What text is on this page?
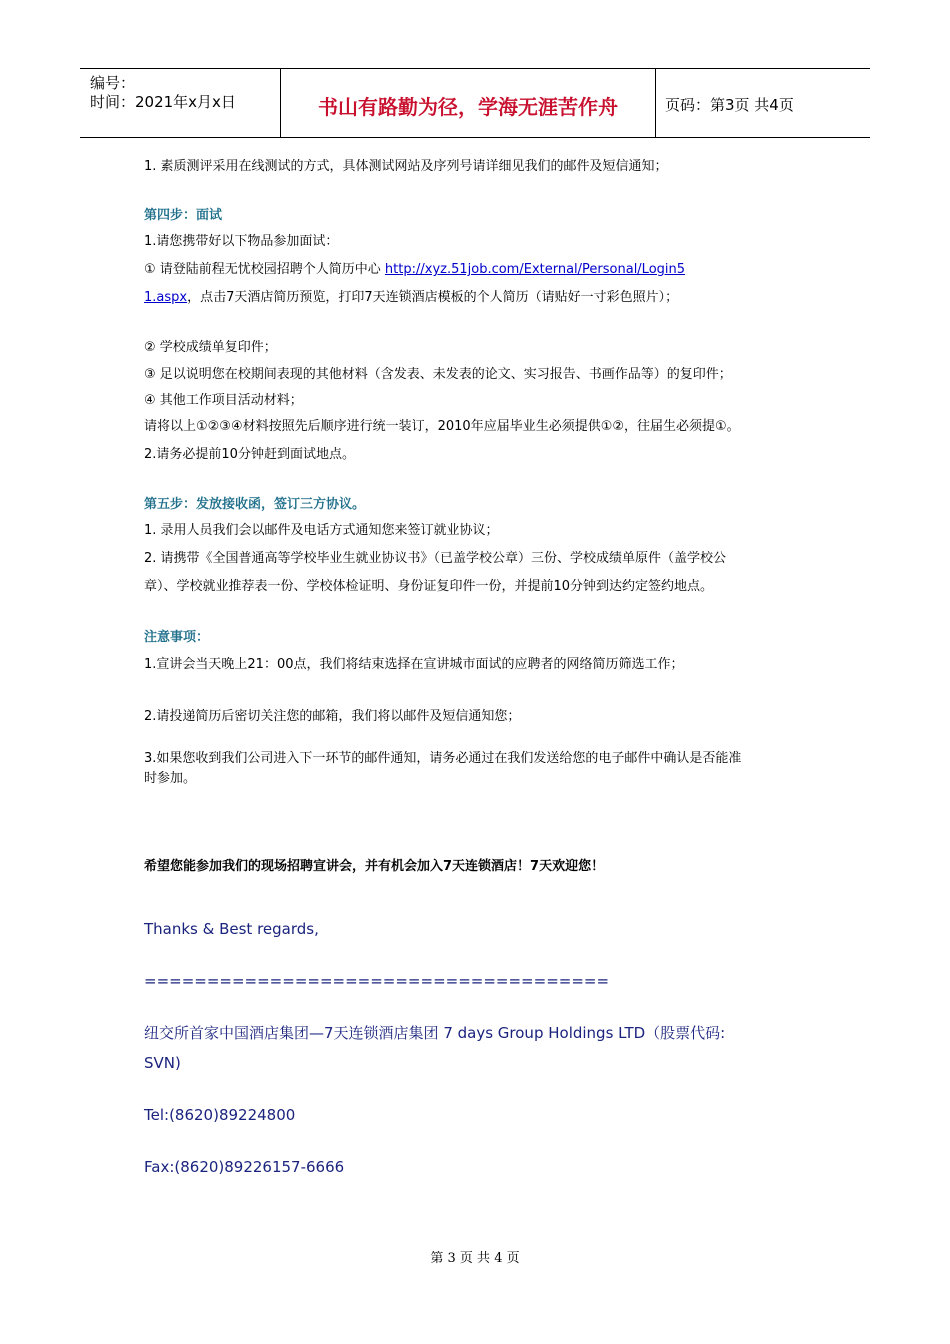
编号：
时间：2021年x月x日	书山有路勤为径，学海无涯苦作舟	页码：第3页 共4页
1. 素质测评采用在线测试的方式，具体测试网站及序列号请详细见我们的邮件及短信通知；
第四步：面试
1.请您携带好以下物品参加面试：
① 请登陆前程无忧校园招聘个人简历中心 http://xyz.51job.com/External/Personal/Login5
1.aspx，点击7天酒店简历预览，打印7天连锁酒店模板的个人简历（请贴好一寸彩色照片）；
② 学校成绩单复印件；
③ 足以说明您在校期间表现的其他材料（含发表、未发表的论文、实习报告、书画作品等）的复印件；
④ 其他工作项目活动材料；
请将以上①②③④材料按照先后顺序进行统一装订，2010年应届毕业生必须提供①②，往届生必须提①。
2.请务必提前10分钟赶到面试地点。
第五步：发放接收函，签订三方协议。
1. 录用人员我们会以邮件及电话方式通知您来签订就业协议；
2. 请携带《全国普通高等学校毕业生就业协议书》（已盖学校公章）三份、学校成绩单原件（盖学校公
章）、学校就业推荐表一份、学校体检证明、身份证复印件一份，并提前10分钟到达约定签约地点。
注意事项：
1.宣讲会当天晚上21：00点，我们将结束选择在宣讲城市面试的应聘者的网络简历筛选工作；
2.请投递简历后密切关注您的邮箱，我们将以邮件及短信通知您；
3.如果您收到我们公司进入下一环节的邮件通知，请务必通过在我们发送给您的电子邮件中确认是否能准
时参加。
希望您能参加我们的现场招聘宣讲会，并有机会加入7天连锁酒店！7天欢迎您！
Thanks & Best regards,
=====================================
纽交所首家中国酒店集团—7天连锁酒店集团 7 days Group Holdings LTD（股票代码:
SVN)
Tel:(8620)89224800
Fax:(8620)89226157-6666
第 3 页 共 4 页
